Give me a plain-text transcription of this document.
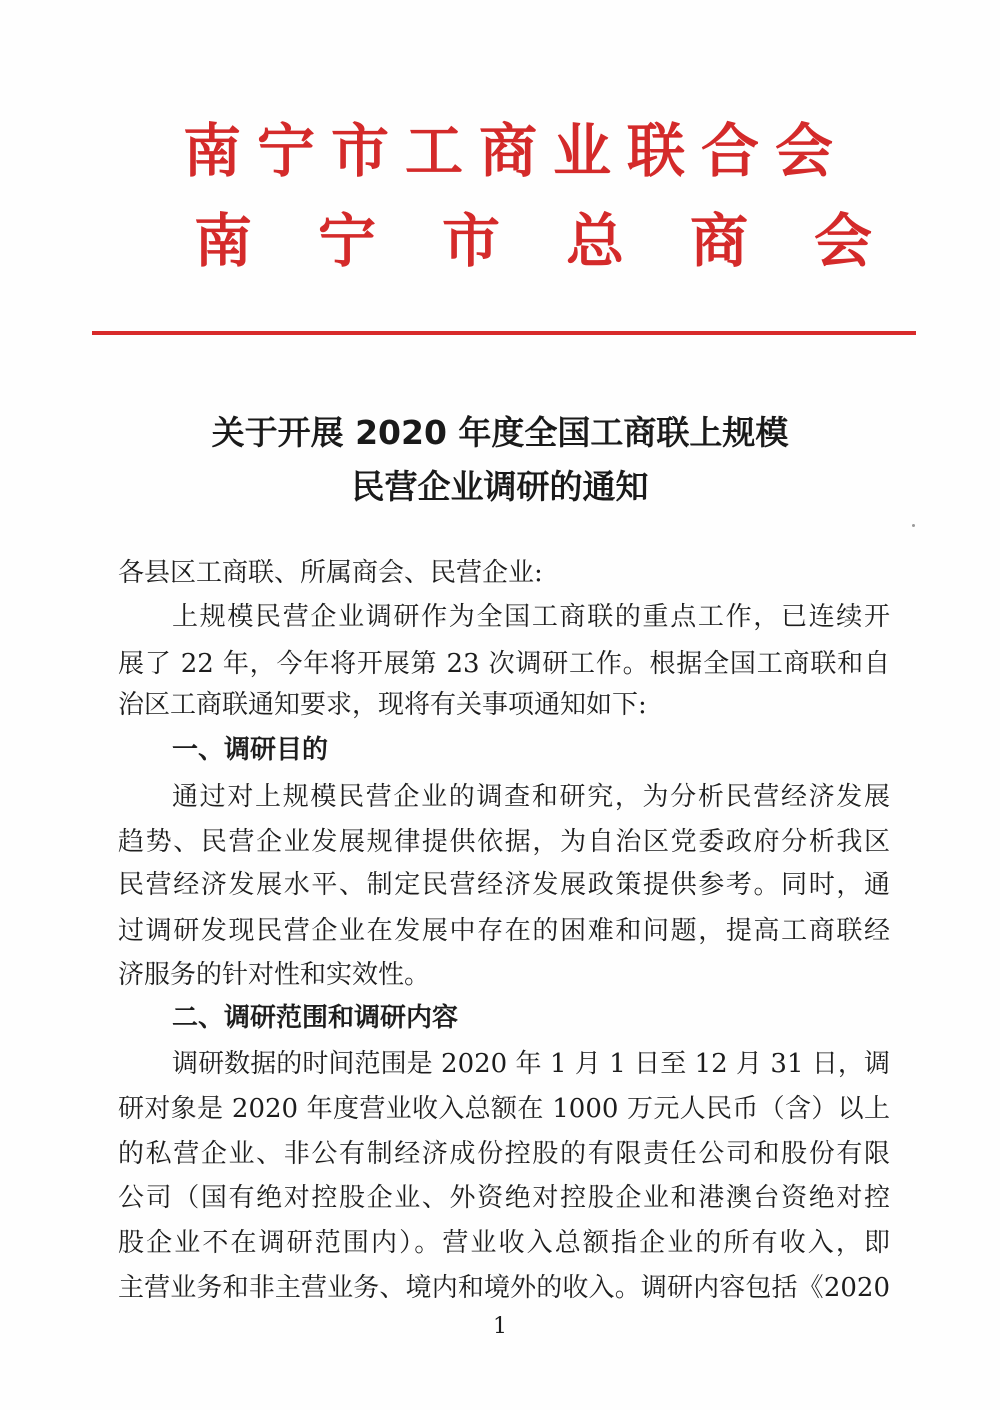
南宁市工商业联合会
南宁市总商会
关于开展 2020 年度全国工商联上规模
民营企业调研的通知
各县区工商联、所属商会、民营企业:
上规模民营企业调研作为全国工商联的重点工作，已连续开
展了 22 年，今年将开展第 23 次调研工作。根据全国工商联和自
治区工商联通知要求，现将有关事项通知如下:
一、调研目的
通过对上规模民营企业的调查和研究，为分析民营经济发展
趋势、民营企业发展规律提供依据，为自治区党委政府分析我区
民营经济发展水平、制定民营经济发展政策提供参考。同时，通
过调研发现民营企业在发展中存在的困难和问题，提高工商联经
济服务的针对性和实效性。
二、调研范围和调研内容
调研数据的时间范围是 2020 年 1 月 1 日至 12 月 31 日，调
研对象是 2020 年度营业收入总额在 1000 万元人民币（含）以上
的私营企业、非公有制经济成份控股的有限责任公司和股份有限
公司（国有绝对控股企业、外资绝对控股企业和港澳台资绝对控
股企业不在调研范围内）。营业收入总额指企业的所有收入，即
主营业务和非主营业务、境内和境外的收入。调研内容包括《2020
1
